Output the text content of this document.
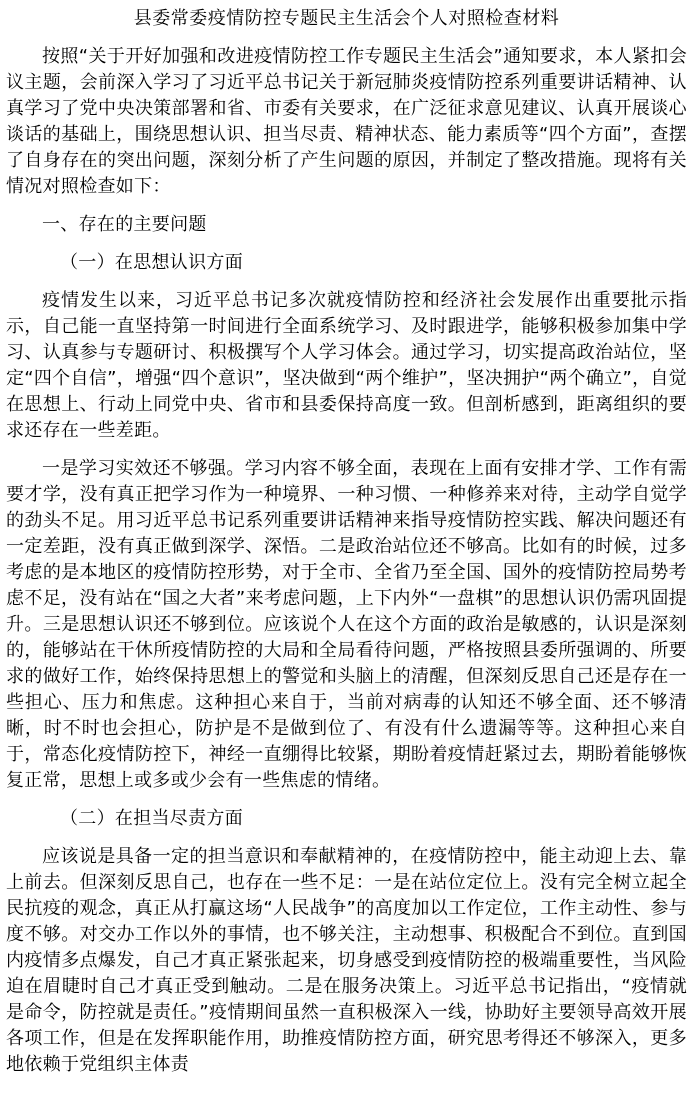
县委常委疫情防控专题民主生活会个人对照检查材料

按照“关于开好加强和改进疫情防控工作专题民主生活会”通知要求，本人紧扣会议主题，会前深入学习了习近平总书记关于新冠肺炎疫情防控系列重要讲话精神、认真学习了党中央决策部署和省、市委有关要求，在广泛征求意见建议、认真开展谈心谈话的基础上，围绕思想认识、担当尽责、精神状态、能力素质等“四个方面”，查摆了自身存在的突出问题，深刻分析了产生问题的原因，并制定了整改措施。现将有关情况对照检查如下：

一、存在的主要问题
（一）在思想认识方面

疫情发生以来，习近平总书记多次就疫情防控和经济社会发展作出重要批示指示，自己能一直坚持第一时间进行全面系统学习、及时跟进学，能够积极参加集中学习、认真参与专题研讨、积极撰写个人学习体会。通过学习，切实提高政治站位，坚定“四个自信”，增强“四个意识”，坚决做到“两个维护”，坚决拥护“两个确立”，自觉在思想上、行动上同党中央、省市和县委保持高度一致。但剖析感到，距离组织的要求还存在一些差距。

一是学习实效还不够强。学习内容不够全面，表现在上面有安排才学、工作有需要才学，没有真正把学习作为一种境界、一种习惯、一种修养来对待，主动学自觉学的劲头不足。用习近平总书记系列重要讲话精神来指导疫情防控实践、解决问题还有一定差距，没有真正做到深学、深悟。二是政治站位还不够高。比如有的时候，过多考虑的是本地区的疫情防控形势，对于全市、全省乃至全国、国外的疫情防控局势考虑不足，没有站在“国之大者”来考虑问题，上下内外“一盘棋”的思想认识仍需巩固提升。三是思想认识还不够到位。应该说个人在这个方面的政治是敏感的，认识是深刻的，能够站在干休所疫情防控的大局和全局看待问题，严格按照县委所强调的、所要求的做好工作，始终保持思想上的警觉和头脑上的清醒，但深刻反思自己还是存在一些担心、压力和焦虑。这种担心来自于，当前对病毒的认知还不够全面、还不够清晰，时不时也会担心，防护是不是做到位了、有没有什么遗漏等等。这种担心来自于，常态化疫情防控下，神经一直绷得比较紧，期盼着疫情赶紧过去，期盼着能够恢复正常，思想上或多或少会有一些焦虑的情绪。

（二）在担当尽责方面

应该说是具备一定的担当意识和奉献精神的，在疫情防控中，能主动迎上去、靠上前去。但深刻反思自己，也存在一些不足：一是在站位定位上。没有完全树立起全民抗疫的观念，真正从打赢这场“人民战争”的高度加以工作定位，工作主动性、参与度不够。对交办工作以外的事情，也不够关注，主动想事、积极配合不到位。直到国内疫情多点爆发，自己才真正紧张起来，切身感受到疫情防控的极端重要性，当风险迫在眉睫时自己才真正受到触动。二是在服务决策上。习近平总书记指出，“疫情就是命令，防控就是责任。”疫情期间虽然一直积极深入一线，协助好主要领导高效开展各项工作，但是在发挥职能作用，助推疫情防控方面，研究思考得还不够深入，更多地依赖于党组织主体责
